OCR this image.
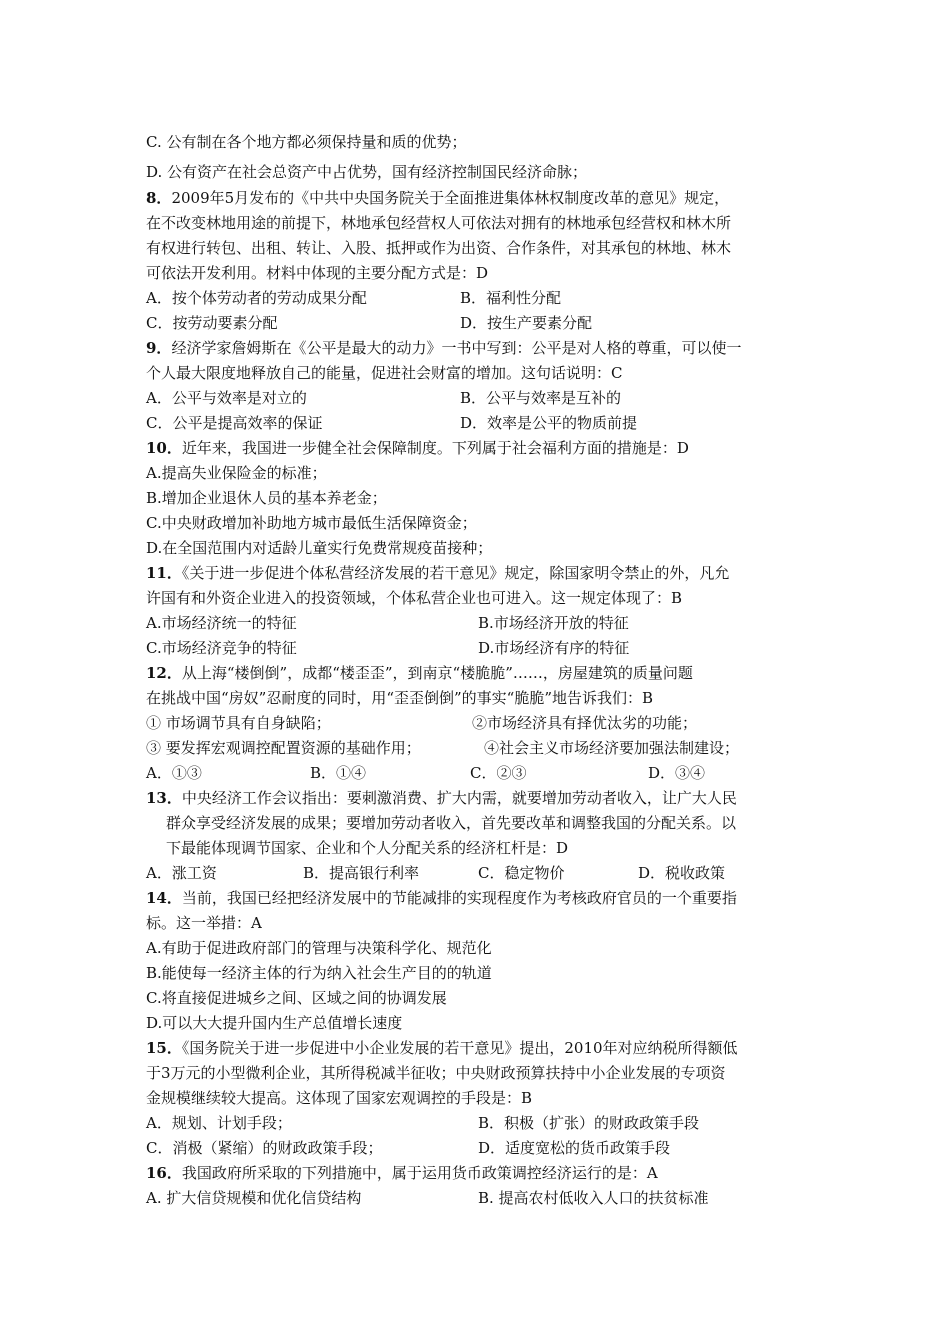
C. 公有制在各个地方都必须保持量和质的优势；
D. 公有资产在社会总资产中占优势，国有经济控制国民经济命脉；
8．2009年5月发布的《中共中央国务院关于全面推进集体林权制度改革的意见》规定，
在不改变林地用途的前提下，林地承包经营权人可依法对拥有的林地承包经营权和林木所
有权进行转包、出租、转让、入股、抵押或作为出资、合作条件，对其承包的林地、林木
可依法开发利用。材料中体现的主要分配方式是：D
A．按个体劳动者的劳动成果分配	B．福利性分配
C．按劳动要素分配	D．按生产要素分配
9．经济学家詹姆斯在《公平是最大的动力》一书中写到：公平是对人格的尊重，可以使一
个人最大限度地释放自己的能量，促进社会财富的增加。这句话说明：C
A．公平与效率是对立的	B．公平与效率是互补的
C．公平是提高效率的保证	D．效率是公平的物质前提
10．近年来，我国进一步健全社会保障制度。下列属于社会福利方面的措施是：D
A.提高失业保险金的标准；
B.增加企业退休人员的基本养老金；
C.中央财政增加补助地方城市最低生活保障资金；
D.在全国范围内对适龄儿童实行免费常规疫苗接种；
11．《关于进一步促进个体私营经济发展的若干意见》规定，除国家明令禁止的外，凡允
许国有和外资企业进入的投资领域，个体私营企业也可进入。这一规定体现了：B
A.市场经济统一的特征	B.市场经济开放的特征
C.市场经济竞争的特征	D.市场经济有序的特征
12．从上海“楼倒倒”，成都“楼歪歪”，到南京“楼脆脆”……，房屋建筑的质量问题
在挑战中国“房奴”忍耐度的同时，用“歪歪倒倒”的事实“脆脆”地告诉我们：B
① 市场调节具有自身缺陷；	②市场经济具有择优汰劣的功能；
③ 要发挥宏观调控配置资源的基础作用；	④社会主义市场经济要加强法制建设；
A．①③	B．①④	C．②③	D．③④
13．中央经济工作会议指出：要刺激消费、扩大内需，就要增加劳动者收入，让广大人民
群众享受经济发展的成果；要增加劳动者收入，首先要改革和调整我国的分配关系。以
下最能体现调节国家、企业和个人分配关系的经济杠杆是：D
A．涨工资	B．提高银行利率	C．稳定物价	D．税收政策
14．当前，我国已经把经济发展中的节能减排的实现程度作为考核政府官员的一个重要指
标。这一举措：A
A.有助于促进政府部门的管理与决策科学化、规范化
B.能使每一经济主体的行为纳入社会生产目的的轨道
C.将直接促进城乡之间、区域之间的协调发展
D.可以大大提升国内生产总值增长速度
15．《国务院关于进一步促进中小企业发展的若干意见》提出，2010年对应纳税所得额低
于3万元的小型微利企业，其所得税减半征收；中央财政预算扶持中小企业发展的专项资
金规模继续较大提高。这体现了国家宏观调控的手段是：B
A．规划、计划手段；	B．积极（扩张）的财政政策手段
C．消极（紧缩）的财政政策手段；	D．适度宽松的货币政策手段
16．我国政府所采取的下列措施中，属于运用货币政策调控经济运行的是：A
A. 扩大信贷规模和优化信贷结构	B. 提高农村低收入人口的扶贫标准
